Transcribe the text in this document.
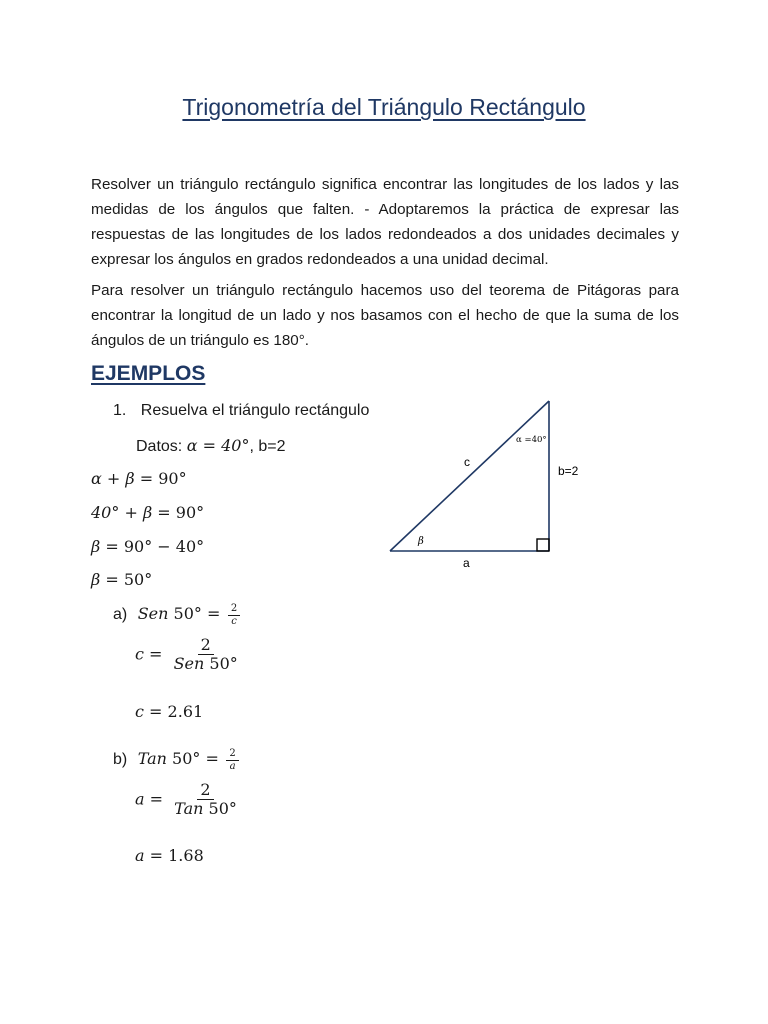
Trigonometría del Triángulo Rectángulo

Resolver un triángulo rectángulo significa encontrar las longitudes de los lados y las medidas de los ángulos que falten. - Adoptaremos la práctica de expresar las respuestas de las longitudes de los lados redondeados a dos unidades decimales y expresar los ángulos en grados redondeados a una unidad decimal.

Para resolver un triángulo rectángulo hacemos uso del teorema de Pitágoras para encontrar la longitud de un lado y nos basamos con el hecho de que la suma de los ángulos de un triángulo es 180°.

EJEMPLOS
1. Resuelva el triángulo rectángulo
Datos: α = 40°, b=2
α + β = 90°
40° + β = 90°
β = 90° − 40°
β = 50°
a) Sen $50^\circ = \frac{2}{c}$
$c = \frac{2}{\text{Sen 50°}}$
c = 2.61
b) Tan $50^\circ = \frac{2}{a}$
$a = \frac{2}{\text{Tan 50°}}$
a = 1.68
c
b=2
a
α =40°
β
